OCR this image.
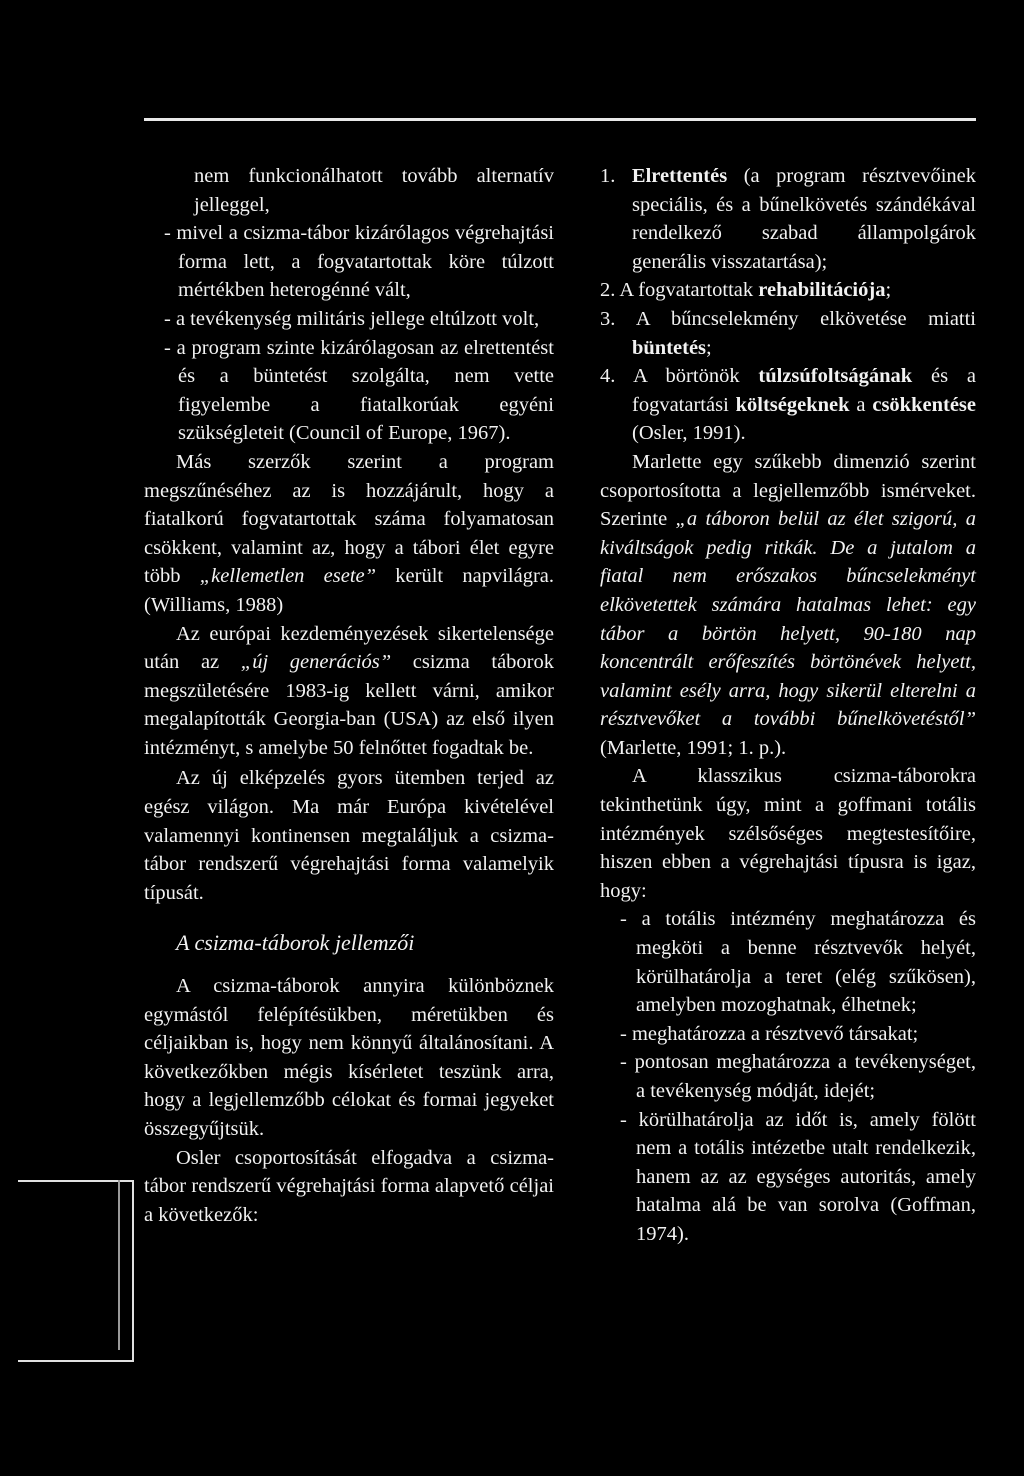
nem funkcionálhatott tovább alternatív jelleggel,

- mivel a csizma-tábor kizárólagos végrehajtási forma lett, a fogvatartottak köre túlzott mértékben heterogénné vált,

- a tevékenység militáris jellege eltúlzott volt,

- a program szinte kizárólagosan az elrettentést és a büntetést szolgálta, nem vette figyelembe a fiatalkorúak egyéni szükségleteit (Council of Europe, 1967).

Más szerzők szerint a program megszűnéséhez az is hozzájárult, hogy a fiatalkorú fogvatartottak száma folyamatosan csökkent, valamint az, hogy a tábori élet egyre több „kellemetlen esete” került napvilágra. (Williams, 1988)

Az európai kezdeményezések sikertelensége után az „új generációs” csizma táborok megszületésére 1983-ig kellett várni, amikor megalapították Georgia-ban (USA) az első ilyen intézményt, s amelybe 50 felnőttet fogadtak be.

Az új elképzelés gyors ütemben terjed az egész világon. Ma már Európa kivételével valamennyi kontinensen megtaláljuk a csizma-tábor rendszerű végrehajtási forma valamelyik típusát.

A csizma-táborok jellemzői

A csizma-táborok annyira különböznek egymástól felépítésükben, méretükben és céljaikban is, hogy nem könnyű általánosítani. A következőkben mégis kísérletet teszünk arra, hogy a legjellemzőbb célokat és formai jegyeket összegyűjtsük.

Osler csoportosítását elfogadva a csizma-tábor rendszerű végrehajtási forma alapvető céljai a következők:

1. Elrettentés (a program résztvevőinek speciális, és a bűnelkövetés szándékával rendelkező szabad állampolgárok generális visszatartása);

2. A fogvatartottak rehabilitációja;

3. A bűncselekmény elkövetése miatti büntetés;

4. A börtönök túlzsúfoltságának és a fogvatartási költségeknek a csökkentése (Osler, 1991).

Marlette egy szűkebb dimenzió szerint csoportosította a legjellemzőbb ismérveket. Szerinte „a táboron belül az élet szigorú, a kiváltságok pedig ritkák. De a jutalom a fiatal nem erőszakos bűncselekményt elkövetettek számára hatalmas lehet: egy tábor a börtön helyett, 90-180 nap koncentrált erőfeszítés börtönévek helyett, valamint esély arra, hogy sikerül elterelni a résztvevőket a további bűnelkövetéstől” (Marlette, 1991; 1. p.).

A klasszikus csizma-táborokra tekinthetünk úgy, mint a goffmani totális intézmények szélsőséges megtestesítőire, hiszen ebben a végrehajtási típusra is igaz, hogy:

- a totális intézmény meghatározza és megköti a benne résztvevők helyét, körülhatárolja a teret (elég szűkösen), amelyben mozoghatnak, élhetnek;

- meghatározza a résztvevő társakat;

- pontosan meghatározza a tevékenységet, a tevékenység módját, idejét;

- körülhatárolja az időt is, amely fölött nem a totális intézetbe utalt rendelkezik, hanem az az egységes autoritás, amely hatalma alá be van sorolva (Goffman, 1974).
